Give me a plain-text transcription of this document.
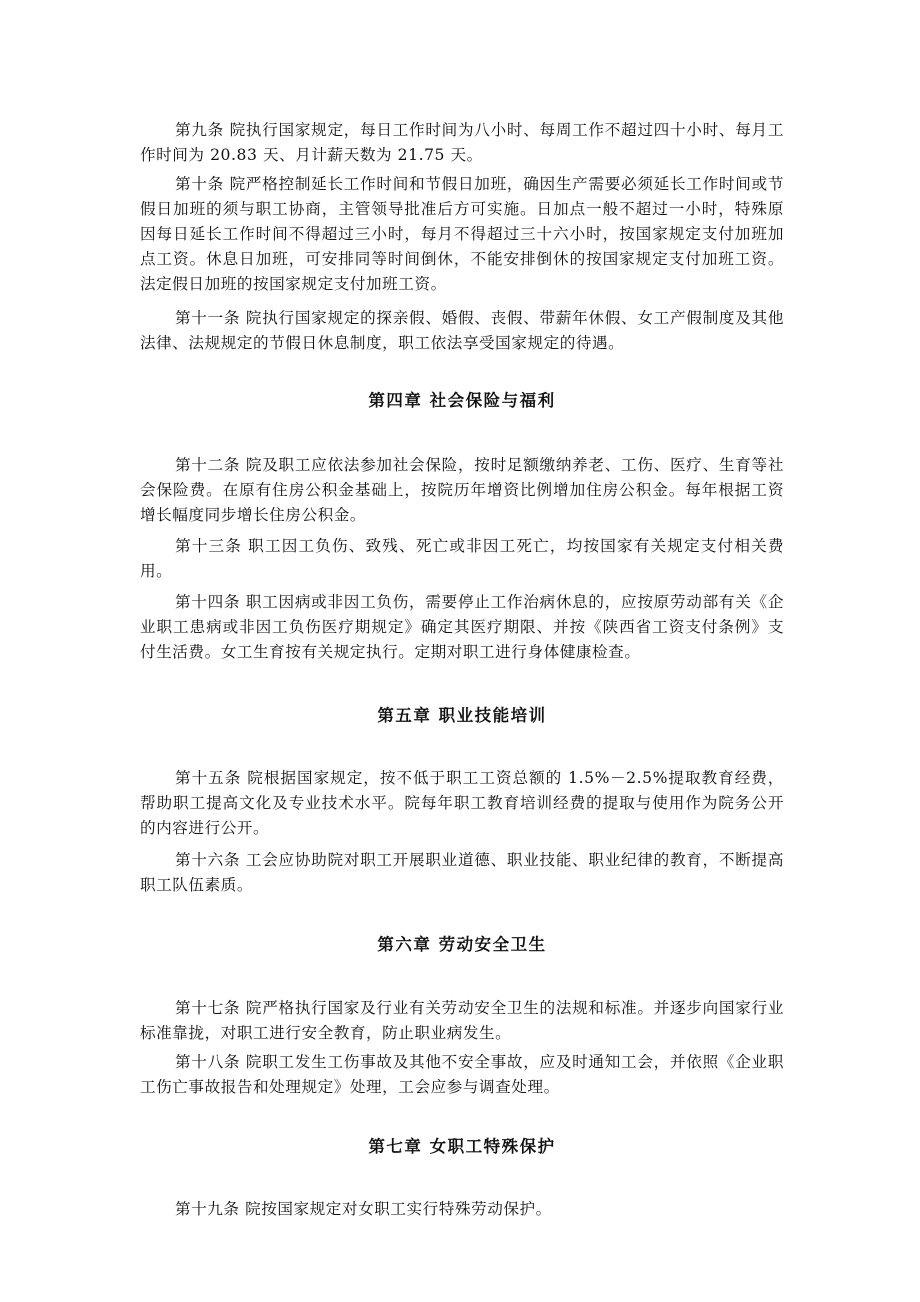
第九条 院执行国家规定，每日工作时间为八小时、每周工作不超过四十小时、每月工作时间为 20.83 天、月计薪天数为 21.75 天。

第十条 院严格控制延长工作时间和节假日加班，确因生产需要必须延长工作时间或节假日加班的须与职工协商，主管领导批准后方可实施。日加点一般不超过一小时，特殊原因每日延长工作时间不得超过三小时，每月不得超过三十六小时，按国家规定支付加班加点工资。休息日加班，可安排同等时间倒休，不能安排倒休的按国家规定支付加班工资。法定假日加班的按国家规定支付加班工资。

第十一条 院执行国家规定的探亲假、婚假、丧假、带薪年休假、女工产假制度及其他法律、法规规定的节假日休息制度，职工依法享受国家规定的待遇。

第四章 社会保险与福利

第十二条 院及职工应依法参加社会保险，按时足额缴纳养老、工伤、医疗、生育等社会保险费。在原有住房公积金基础上，按院历年增资比例增加住房公积金。每年根据工资增长幅度同步增长住房公积金。

第十三条 职工因工负伤、致残、死亡或非因工死亡，均按国家有关规定支付相关费用。

第十四条 职工因病或非因工负伤，需要停止工作治病休息的，应按原劳动部有关《企业职工患病或非因工负伤医疗期规定》确定其医疗期限、并按《陕西省工资支付条例》支付生活费。女工生育按有关规定执行。定期对职工进行身体健康检查。

第五章 职业技能培训

第十五条 院根据国家规定，按不低于职工工资总额的 1.5%－2.5%提取教育经费，帮助职工提高文化及专业技术水平。院每年职工教育培训经费的提取与使用作为院务公开的内容进行公开。

第十六条 工会应协助院对职工开展职业道德、职业技能、职业纪律的教育，不断提高职工队伍素质。

第六章 劳动安全卫生

第十七条 院严格执行国家及行业有关劳动安全卫生的法规和标准。并逐步向国家行业标准靠拢，对职工进行安全教育，防止职业病发生。

第十八条 院职工发生工伤事故及其他不安全事故，应及时通知工会，并依照《企业职工伤亡事故报告和处理规定》处理，工会应参与调查处理。

第七章 女职工特殊保护

第十九条 院按国家规定对女职工实行特殊劳动保护。
